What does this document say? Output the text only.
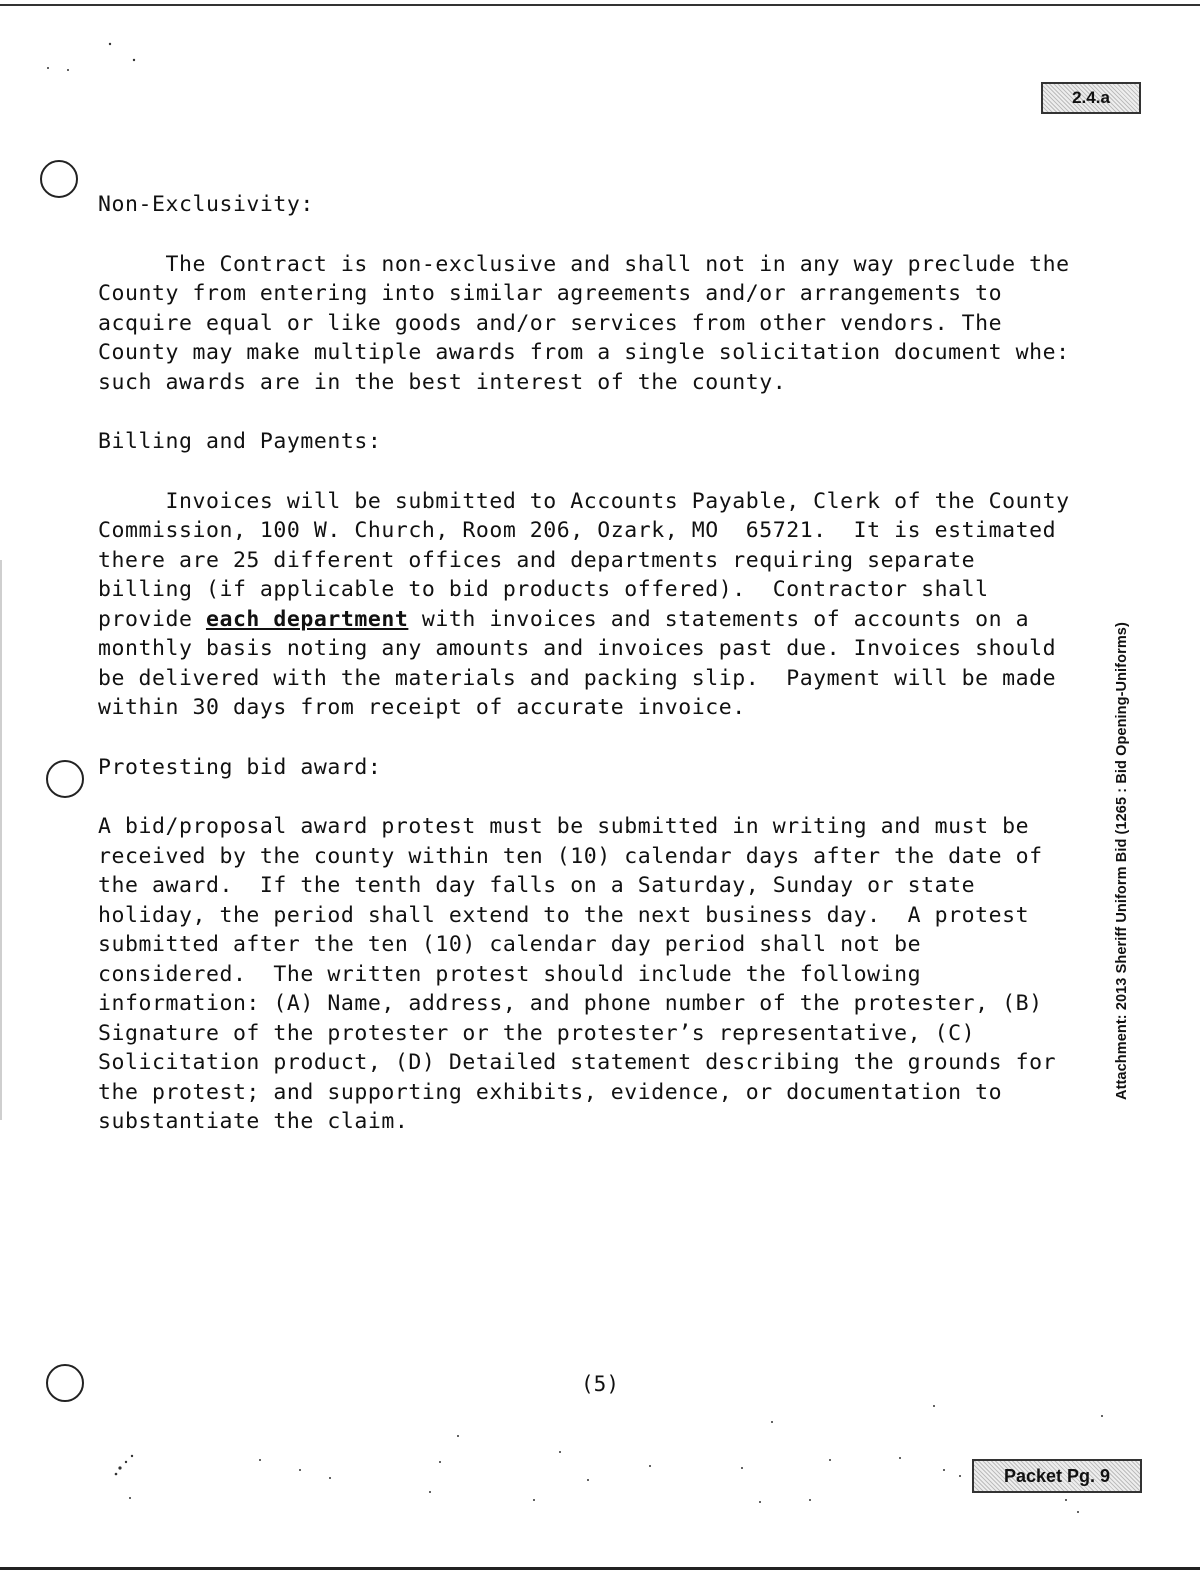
2.4.a
Non-Exclusivity:
The Contract is non-exclusive and shall not in any way preclude thе
County from entering into similar agreements and/or arrangements to
acquire equal or like goods and/or services from other vendors. The
County may make multiple awards from a single solicitation document whe:
such awards are in the best interest of the county.
Billing and Payments:
Invoices will be submitted to Accounts Payable, Clerk of the County
Commission, 100 W. Church, Room 206, Ozark, MO  65721.  It is estimated
there are 25 different offices and departments requiring separate
billing (if applicable to bid products offered).  Contractor shall
provide each department with invoices and statements of accounts on a
monthly basis noting any amounts and invoices past due. Invoices should
be delivered with the materials and packing slip.  Payment will be made
within 30 days from receipt of accurate invoice.
Protesting bid award:
A bid/proposal award protest must be submitted in writing and must be
received by the county within ten (10) calendar days after the date of
the award.  If the tenth day falls on a Saturday, Sunday or state
holiday, the period shall extend to the next business day.  A protest
submitted after the ten (10) calendar day period shall not be
considered.  The written protest should include the following
information: (A) Name, address, and phone number of the protester, (B)
Signature of the protester or the protester’s representative, (C)
Solicitation product, (D) Detailed statement describing the grounds for
the protest; and supporting exhibits, evidence, or documentation to
substantiate the claim.
Attachment: 2013 Sheriff Uniform Bid (1265 : Bid Opening-Uniforms)
(5)
Packet Pg. 9
